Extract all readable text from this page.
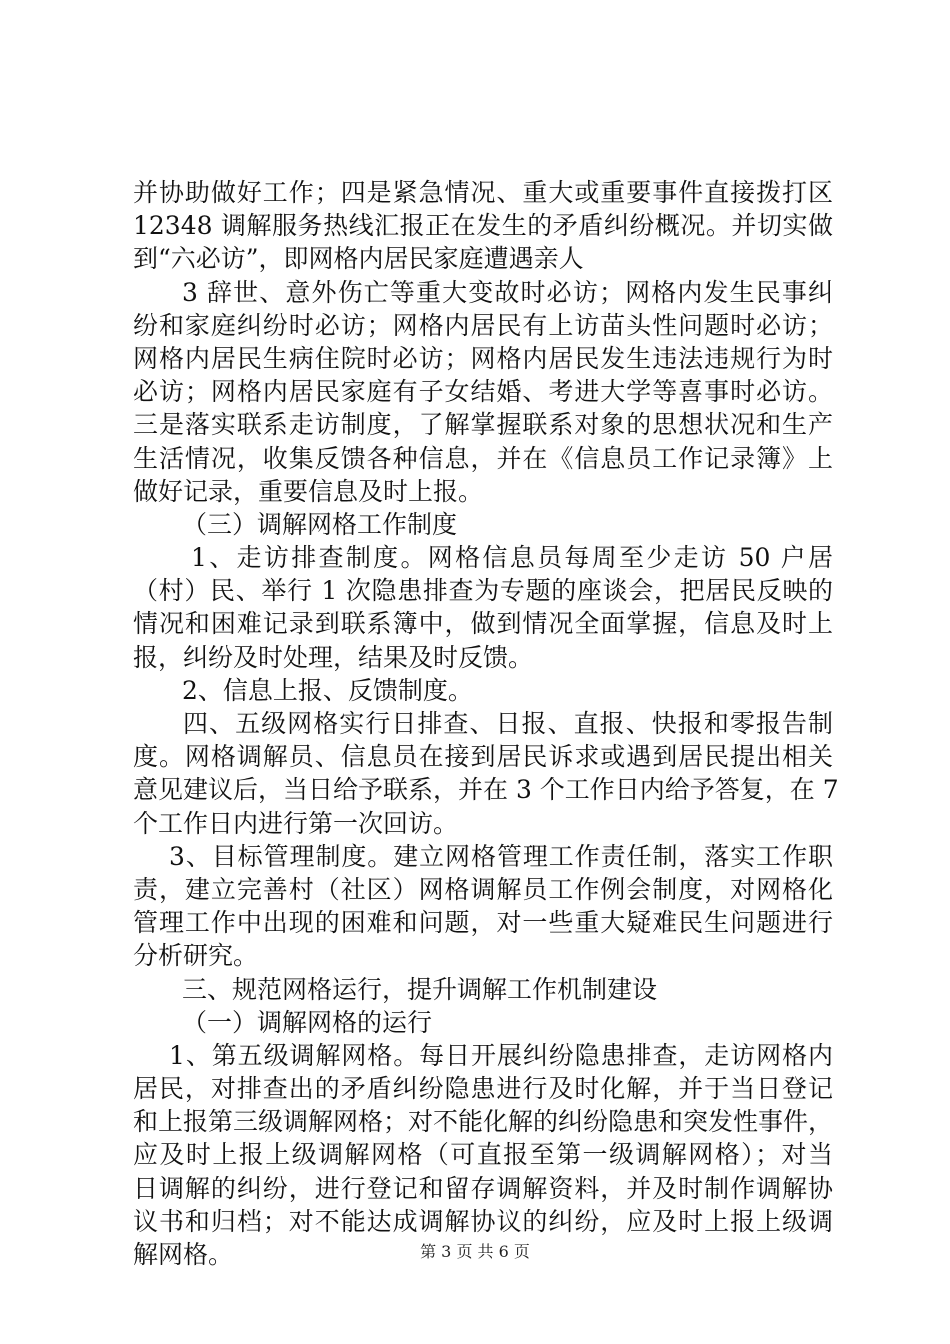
并协助做好工作；四是紧急情况、重大或重要事件直接拨打区
12348 调解服务热线汇报正在发生的矛盾纠纷概况。并切实做
到“六必访”，即网格内居民家庭遭遇亲人
3 辞世、意外伤亡等重大变故时必访；网格内发生民事纠
纷和家庭纠纷时必访；网格内居民有上访苗头性问题时必访；
网格内居民生病住院时必访；网格内居民发生违法违规行为时
必访；网格内居民家庭有子女结婚、考进大学等喜事时必访。
三是落实联系走访制度，了解掌握联系对象的思想状况和生产
生活情况，收集反馈各种信息，并在《信息员工作记录簿》上
做好记录，重要信息及时上报。
（三）调解网格工作制度
1、走访排查制度。网格信息员每周至少走访 50 户居
（村）民、举行 1 次隐患排查为专题的座谈会，把居民反映的
情况和困难记录到联系簿中，做到情况全面掌握，信息及时上
报，纠纷及时处理，结果及时反馈。
2、信息上报、反馈制度。
四、五级网格实行日排查、日报、直报、快报和零报告制
度。网格调解员、信息员在接到居民诉求或遇到居民提出相关
意见建议后，当日给予联系，并在 3 个工作日内给予答复，在 7
个工作日内进行第一次回访。
3、目标管理制度。建立网格管理工作责任制，落实工作职
责，建立完善村（社区）网格调解员工作例会制度，对网格化
管理工作中出现的困难和问题，对一些重大疑难民生问题进行
分析研究。
三、规范网格运行，提升调解工作机制建设
（一）调解网格的运行
1、第五级调解网格。每日开展纠纷隐患排查，走访网格内
居民，对排查出的矛盾纠纷隐患进行及时化解，并于当日登记
和上报第三级调解网格；对不能化解的纠纷隐患和突发性事件，
应及时上报上级调解网格（可直报至第一级调解网格）；对当
日调解的纠纷，进行登记和留存调解资料，并及时制作调解协
议书和归档；对不能达成调解协议的纠纷，应及时上报上级调
解网格。	第 3 页 共 6 页
